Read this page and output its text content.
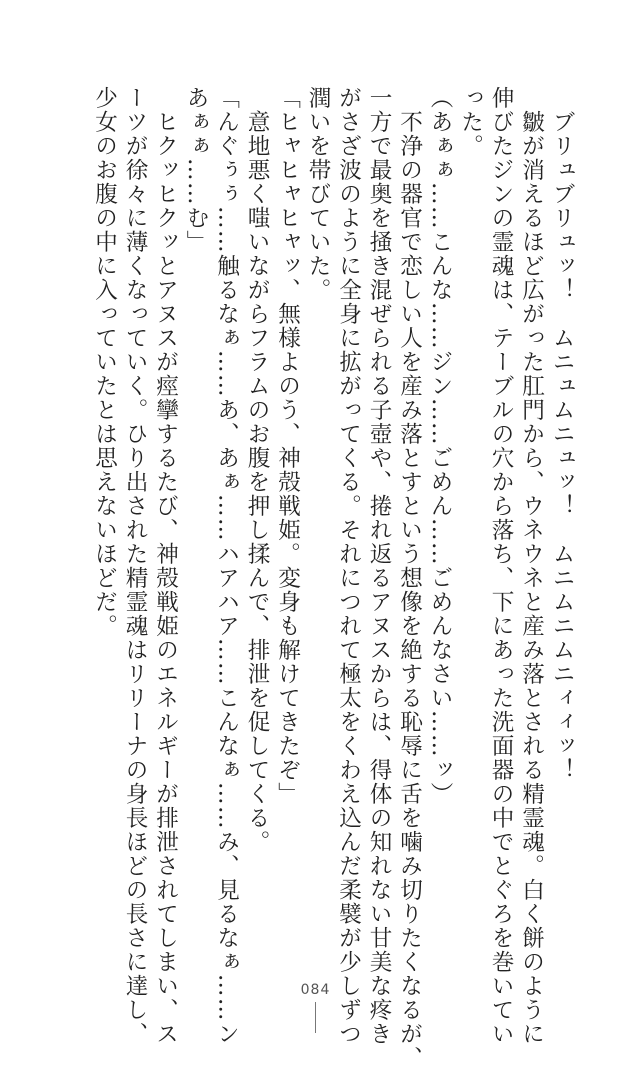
　ブリュブリュッ！　ムニュムニュッ！　ムニムニムニィィッ！
　皺が消えるほど広がった肛門から、ウネウネと産み落とされる精霊魂。白く餅のように
伸びたジンの霊魂は、テーブルの穴から落ち、下にあった洗面器の中でとぐろを巻いてい
った。
（あぁぁ……こんな……ジン……ごめん……ごめんなさい……ッ）
　不浄の器官で恋しい人を産み落とすという想像を絶する恥辱に舌を噛み切りたくなるが、
一方で最奥を掻き混ぜられる子壺や、捲れ返るアヌスからは、得体の知れない甘美な疼き
がさざ波のように全身に拡がってくる。それにつれて極太をくわえ込んだ柔襞が少しずつ
潤いを帯びていた。
「ヒャヒャヒャッ、無様よのう、神殻戦姫。変身も解けてきたぞ」
　意地悪く嗤いながらフラムのお腹を押し揉んで、排泄を促してくる。
「んぐぅぅ……触るなぁ……あ、あぁ……ハアハア……こんなぁ……み、見るなぁ……ン
あぁぁ……む」
　ヒクッヒクッとアヌスが痙攣するたび、神殻戦姫のエネルギーが排泄されてしまい、ス
ーツが徐々に薄くなっていく。ひり出された精霊魂はリリーナの身長ほどの長さに達し、
少女のお腹の中に入っていたとは思えないほどだ。
084
